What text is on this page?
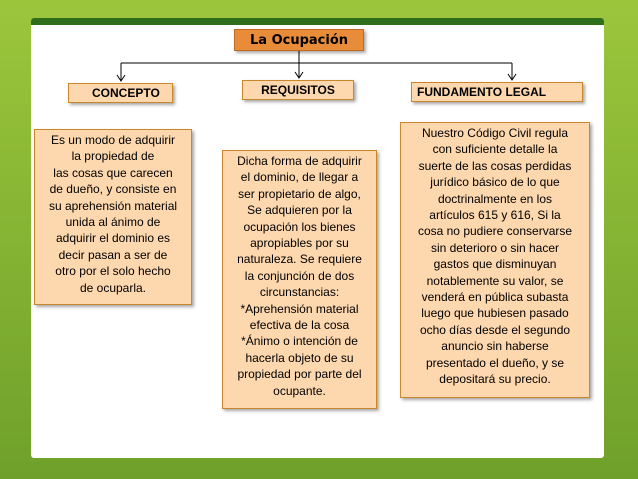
La Ocupación
CONCEPTO	REQUISITOS	FUNDAMENTO LEGAL
Es un modo de adquirir
la propiedad de
las cosas que carecen
de dueño, y consiste en
su aprehensión material
unida al ánimo de
adquirir el dominio es
decir pasan a ser de
otro por el solo hecho
de ocuparla.
Dicha forma de adquirir
el dominio, de llegar a
ser propietario de algo,
Se adquieren por la
ocupación los bienes
apropiables por su
naturaleza. Se requiere
la conjunción de dos
circunstancias:
*Aprehensión material
efectiva de la cosa
*Ánimo o intención de
hacerla objeto de su
propiedad por parte del
ocupante.
Nuestro Código Civil regula
con suficiente detalle la
suerte de las cosas perdidas
jurídico básico de lo que
doctrinalmente en los
artículos 615 y 616, Si la
cosa no pudiere conservarse
sin deterioro o sin hacer
gastos que disminuyan
notablemente su valor, se
venderá en pública subasta
luego que hubiesen pasado
ocho días desde el segundo
anuncio sin haberse
presentado el dueño, y se
depositará su precio.
